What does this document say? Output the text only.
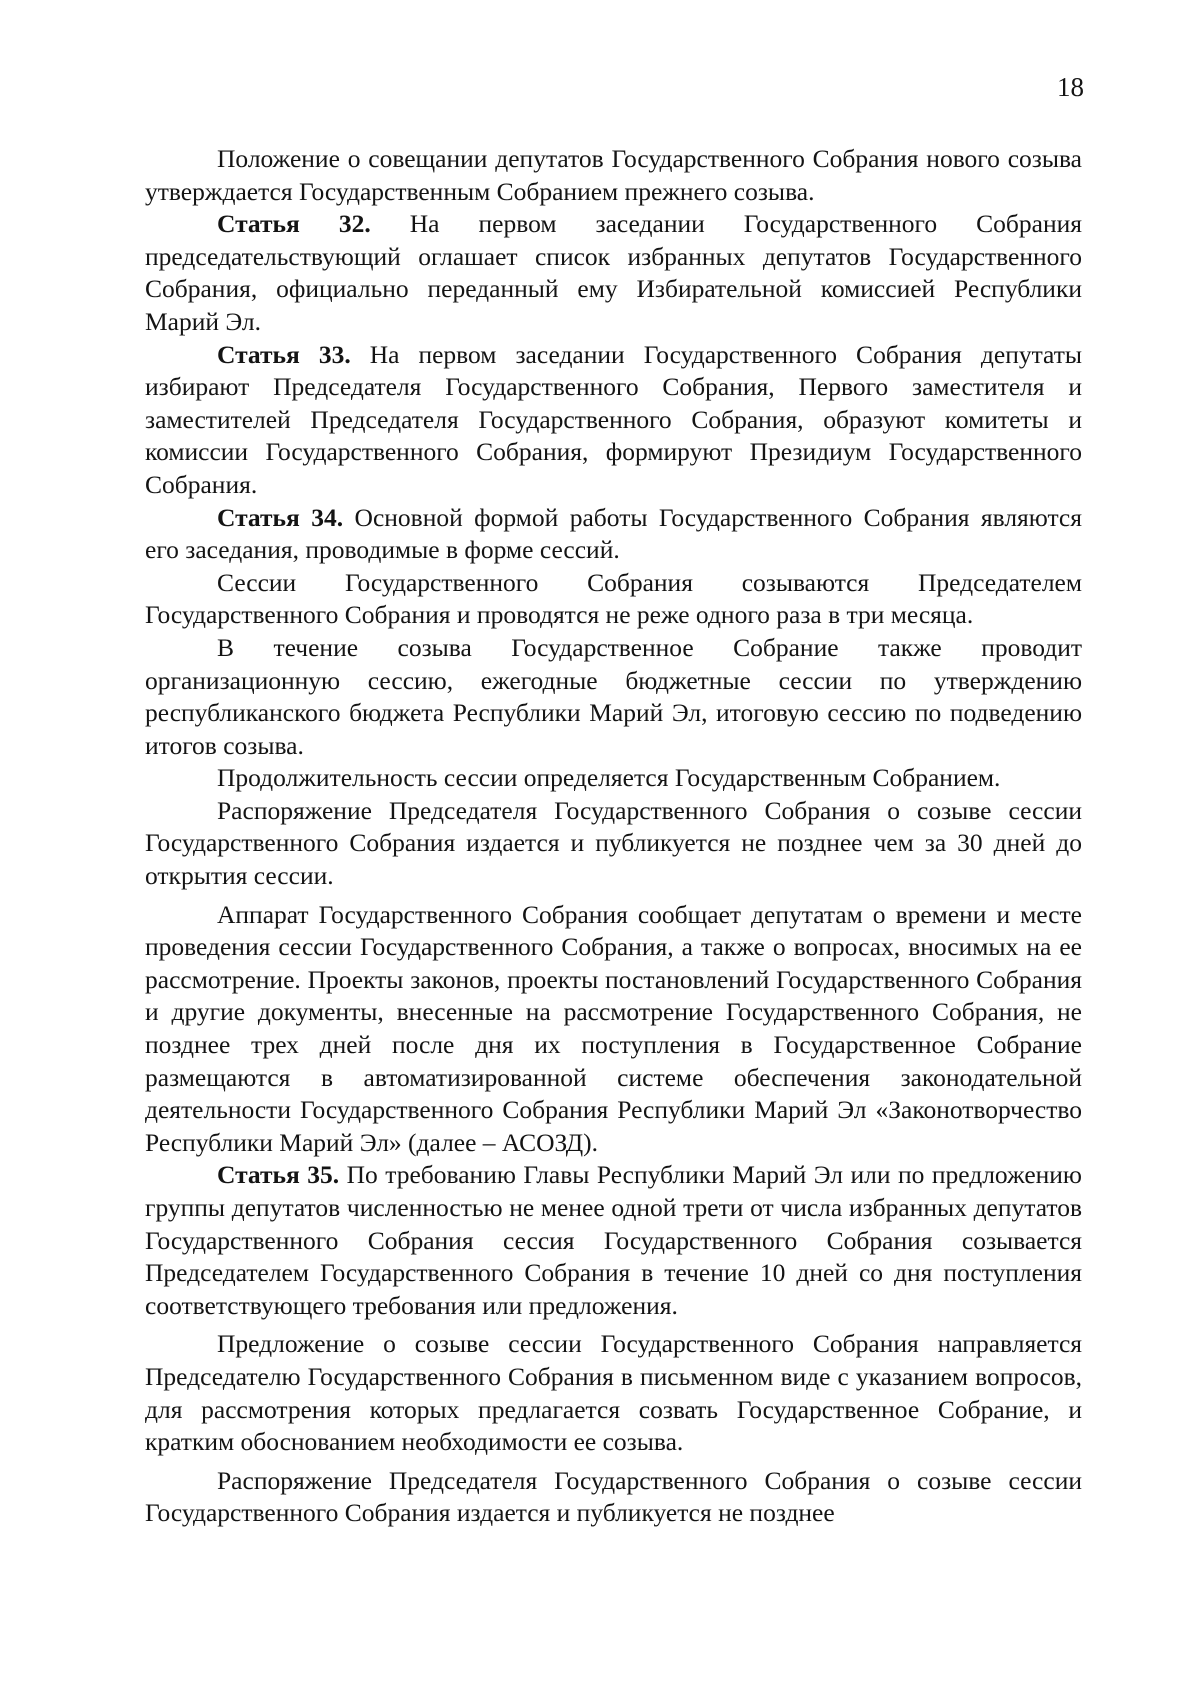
18

Положение о совещании депутатов Государственного Собрания нового созыва утверждается Государственным Собранием прежнего созыва.

Статья 32. На первом заседании Государственного Собрания председательствующий оглашает список избранных депутатов Государственного Собрания, официально переданный ему Избирательной комиссией Республики Марий Эл.

Статья 33. На первом заседании Государственного Собрания депутаты избирают Председателя Государственного Собрания, Первого заместителя и заместителей Председателя Государственного Собрания, образуют комитеты и комиссии Государственного Собрания, формируют Президиум Государственного Собрания.

Статья 34. Основной формой работы Государственного Собрания являются его заседания, проводимые в форме сессий.

Сессии Государственного Собрания созываются Председателем Государственного Собрания и проводятся не реже одного раза в три месяца.

В течение созыва Государственное Собрание также проводит организационную сессию, ежегодные бюджетные сессии по утверждению республиканского бюджета Республики Марий Эл, итоговую сессию по подведению итогов созыва.

Продолжительность сессии определяется Государственным Собранием.

Распоряжение Председателя Государственного Собрания о созыве сессии Государственного Собрания издается и публикуется не позднее чем за 30 дней до открытия сессии.

Аппарат Государственного Собрания сообщает депутатам о времени и месте проведения сессии Государственного Собрания, а также о вопросах, вносимых на ее рассмотрение. Проекты законов, проекты постановлений Государственного Собрания и другие документы, внесенные на рассмотрение Государственного Собрания, не позднее трех дней после дня их поступления в Государственное Собрание размещаются в автоматизированной системе обеспечения законодательной деятельности Государственного Собрания Республики Марий Эл «Законотворчество Республики Марий Эл» (далее – АСОЗД).

Статья 35. По требованию Главы Республики Марий Эл или по предложению группы депутатов численностью не менее одной трети от числа избранных депутатов Государственного Собрания сессия Государственного Собрания созывается Председателем Государственного Собрания в течение 10 дней со дня поступления соответствующего требования или предложения.

Предложение о созыве сессии Государственного Собрания направляется Председателю Государственного Собрания в письменном виде с указанием вопросов, для рассмотрения которых предлагается созвать Государственное Собрание, и кратким обоснованием необходимости ее созыва.

Распоряжение Председателя Государственного Собрания о созыве сессии Государственного Собрания издается и публикуется не позднее
